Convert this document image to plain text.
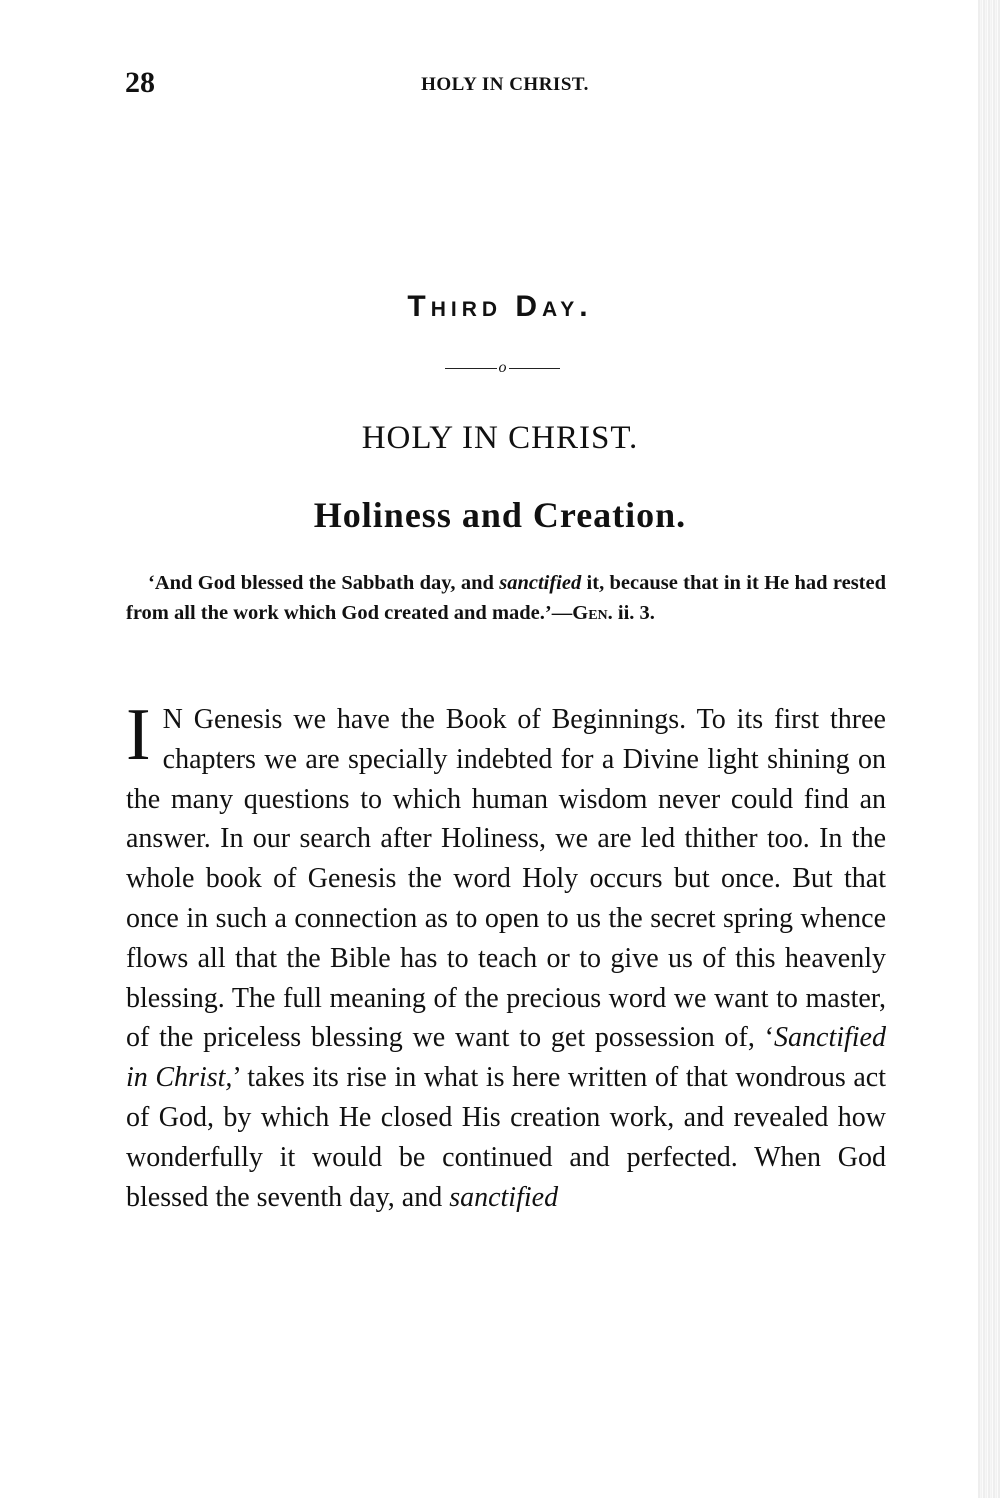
28	HOLY IN CHRIST.
Third Day.
o
HOLY IN CHRIST.
Holiness and Creation.

‘And God blessed the Sabbath day, and sanctified it, because that in it He had rested from all the work which God created and made.’—Gen. ii. 3.

I N Genesis we have the Book of Beginnings. To its first three chapters we are specially indebted for a Divine light shining on the many questions to which human wisdom never could find an answer. In our search after Holiness, we are led thither too. In the whole book of Genesis the word Holy occurs but once. But that once in such a connection as to open to us the secret spring whence flows all that the Bible has to teach or to give us of this heavenly blessing. The full meaning of the precious word we want to master, of the priceless blessing we want to get possession of, ‘Sanctified in Christ,’ takes its rise in what is here written of that wondrous act of God, by which He closed His creation work, and revealed how wonderfully it would be continued and perfected. When God blessed the seventh day, and sanctified
